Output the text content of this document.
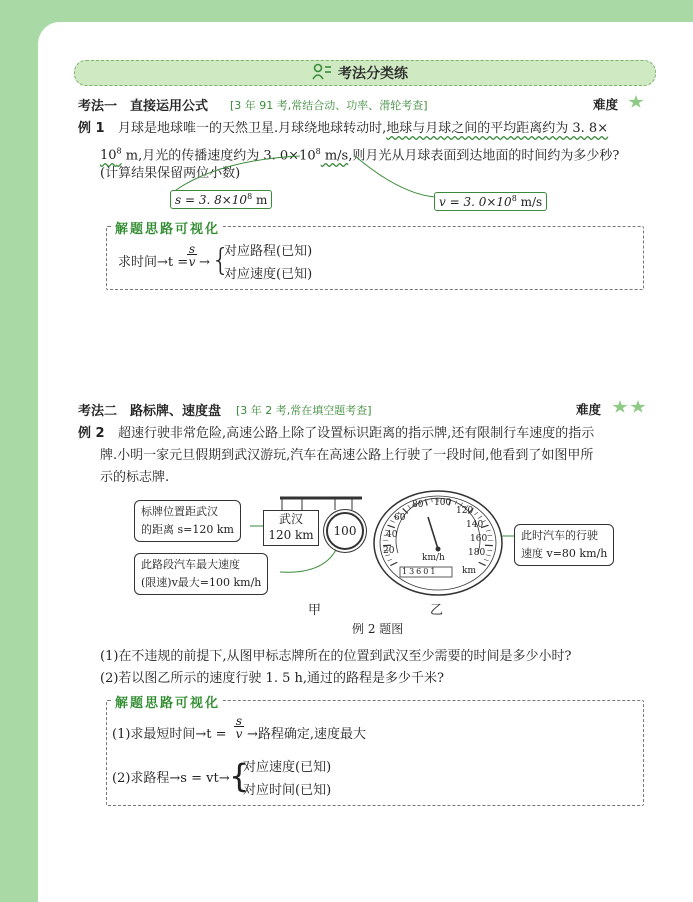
考法分类练
考法一　直接运用公式 [3 年 91 考,常结合动、功率、滑轮考查]	难度
例 1 月球是地球唯一的天然卫星.月球绕地球转动时,地球与月球之间的平均距离约为 3. 8×
$10^8$ m,月光的传播速度约为 3. $0\times 10^8$ m/s,则月光从月球表面到达地面的时间约为多少秒?
(计算结果保留两位小数)
s = 3. $8\times 10^8$ m	v = 3. $0\times 10^8$ m/s
解题思路可视化
求时间→t =
$\frac{s}{v}$ → {
对应路程(已知)
对应速度(已知)
考法二　路标牌、速度盘 [3 年 2 考,常在填空题考查]	难度
例 2 超速行驶非常危险,高速公路上除了设置标识距离的指示牌,还有限制行车速度的指示
牌.小明一家元旦假期到武汉游玩,汽车在高速公路上行驶了一段时间,他看到了如图甲所
示的标志牌.
标牌位置距武汉
的距离 s=120 km
武汉
120 km	100
此路段汽车最大速度
(限速)v最大=100 km/h
20
40
60
80 100
120
140
160
180
km/h
13601	km
此时汽车的行驶
速度 v=80 km/h
甲	乙
例 2 题图
(1)在不违规的前提下,从图甲标志牌所在的位置到武汉至少需要的时间是多少小时?
(2)若以图乙所示的速度行驶 1. 5 h,通过的路程是多少千米?
解题思路可视化
(1)求最短时间$\to t = \frac{s}{v}$ →路程确定,速度最大
(2)求路程→s = vt→ {
对应速度(已知)
对应时间(已知)
